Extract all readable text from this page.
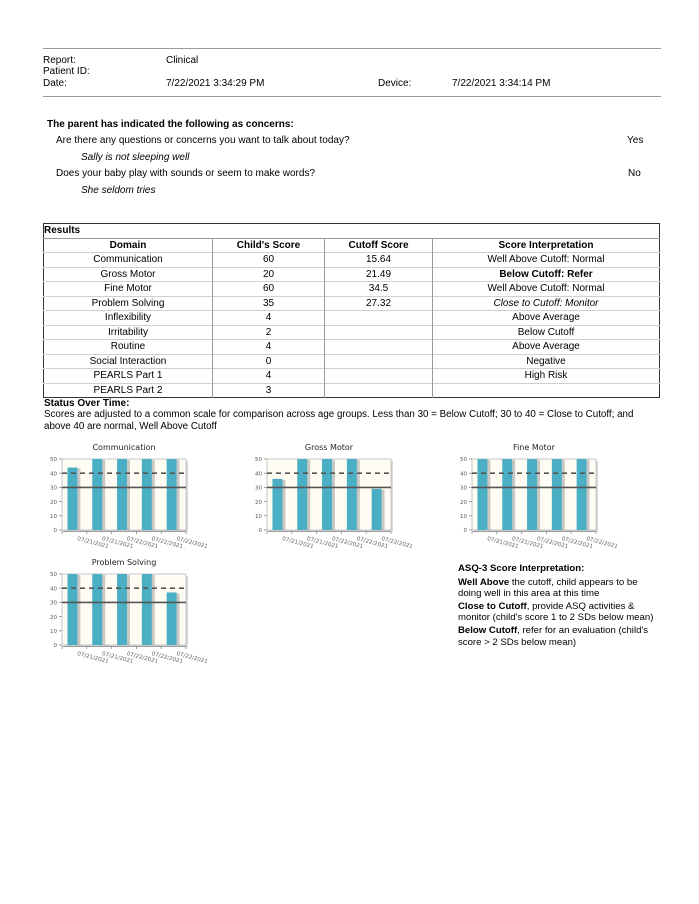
Report:	Clinical
Patient ID:
Date:	7/22/2021 3:34:29 PM	Device:	7/22/2021 3:34:14 PM
The parent has indicated the following as concerns:
Are there any questions or concerns you want to talk about today?	Yes
Sally is not sleeping well
Does your baby play with sounds or seem to make words?	No
She seldom tries
Results			
Domain	Child's Score	Cutoff Score	Score Interpretation
Communication	60	15.64	Well Above Cutoff: Normal
Gross Motor	20	21.49	Below Cutoff: Refer
Fine Motor	60	34.5	Well Above Cutoff: Normal
Problem Solving	35	27.32	Close to Cutoff: Monitor
Inflexibility	4		Above Average
Irritability	2		Below Cutoff
Routine	4		Above Average
Social Interaction	0		Negative
PEARLS Part 1	4		High Risk
PEARLS Part 2	3		
Status Over Time:
Scores are adjusted to a common scale for comparison across age groups. Less than 30 = Below Cutoff; 30 to 40 = Close to Cutoff; and
above 40 are normal, Well Above Cutoff
0
10
20
30
40
50
07/21/2021
07/21/2021
07/22/2021
07/22/2021
07/22/2021
Communication
0
10
20
30
40
50
07/21/2021
07/21/2021
07/22/2021
07/22/2021
07/22/2021
Gross Motor
0
10
20
30
40
50
07/21/2021
07/21/2021
07/22/2021
07/22/2021
07/22/2021
Fine Motor
0
10
20
30
40
50
07/21/2021
07/21/2021
07/22/2021
07/22/2021
07/22/2021
Problem Solving

ASQ-3 Score Interpretation:

Well Above the cutoff, child appears to be doing well in this area at this time

Close to Cutoff, provide ASQ activities & monitor (child's score 1 to 2 SDs below mean)

Below Cutoff, refer for an evaluation (child's score > 2 SDs below mean)
